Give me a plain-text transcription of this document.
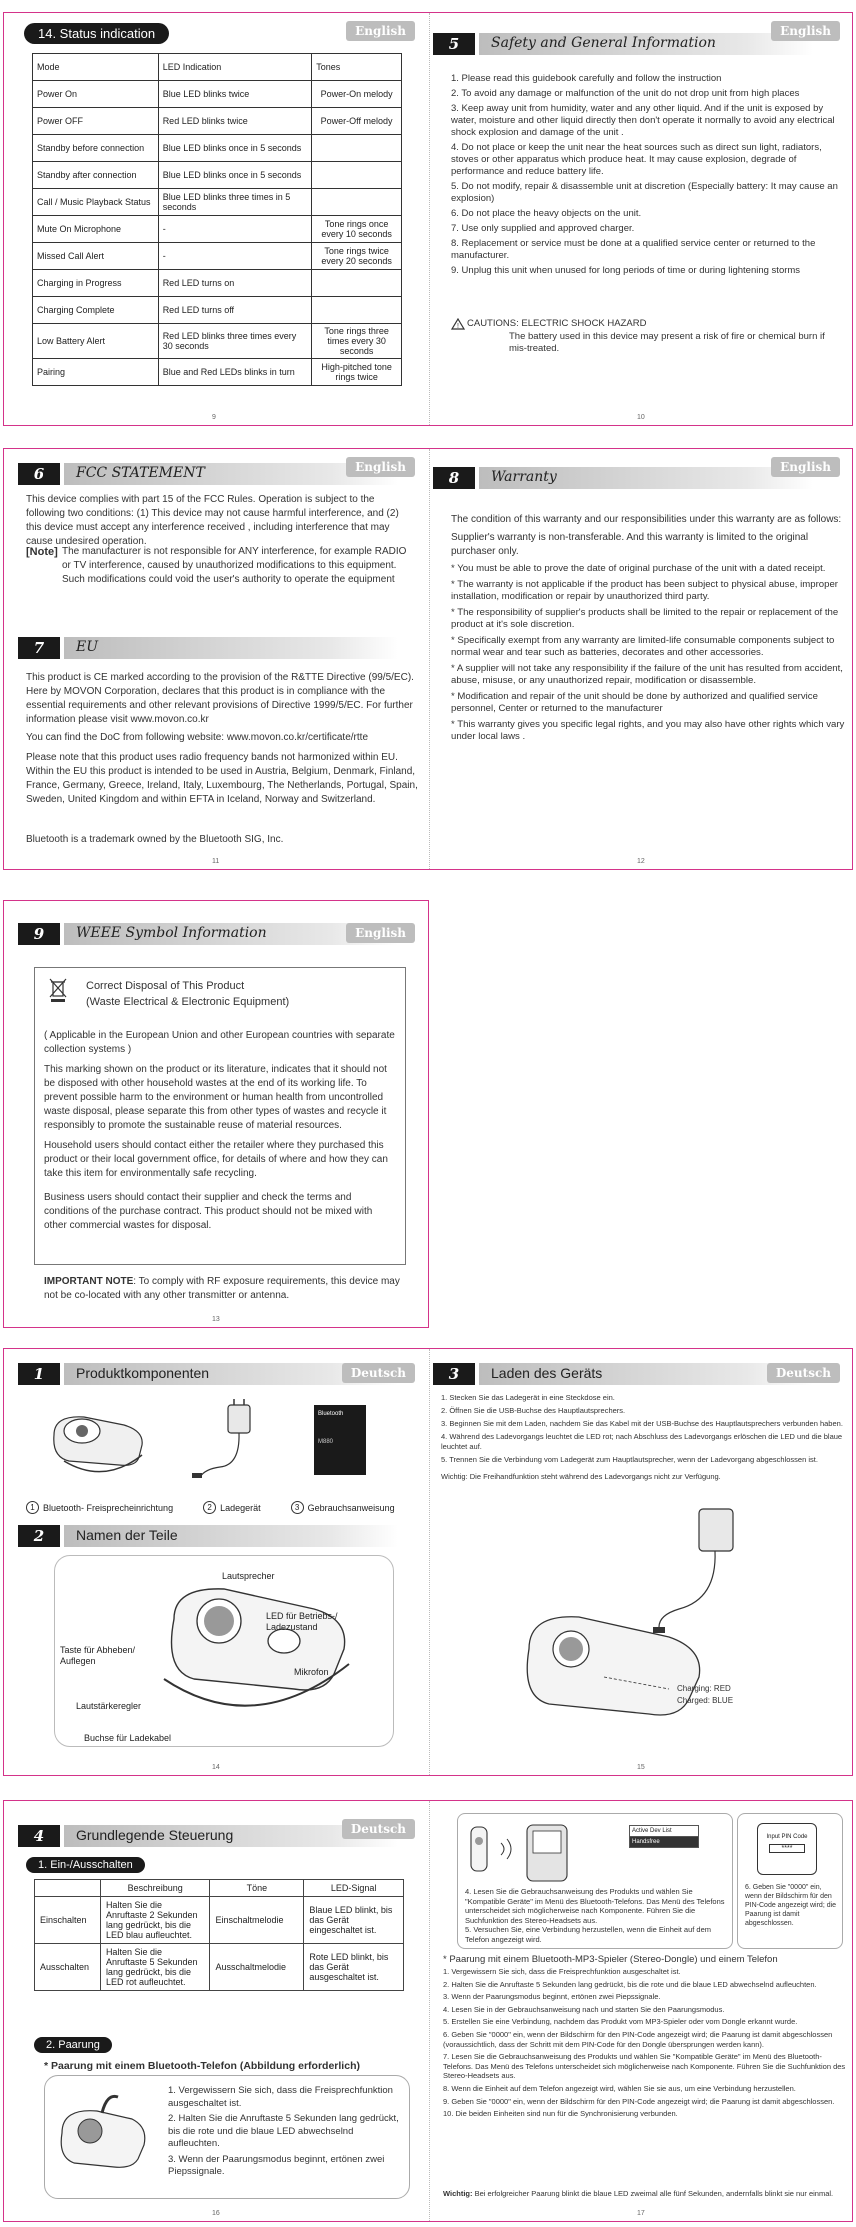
14. Status indication	English
Mode	LED Indication	Tones
Power On	Blue LED blinks twice	Power-On melody
Power OFF	Red LED blinks twice	Power-Off melody
Standby before connection	Blue LED blinks once in 5 seconds	
Standby after connection	Blue LED blinks once in 5 seconds	
Call / Music Playback Status	Blue LED blinks three times in 5 seconds	
Mute On Microphone	-	Tone rings once every 10 seconds
Missed Call Alert	-	Tone rings twice every 20 seconds
Charging in Progress	Red LED turns on	
Charging Complete	Red LED turns off	
Low Battery Alert	Red LED blinks three times every 30 seconds	Tone rings three times every 30 seconds
Pairing	Blue and Red LEDs blinks in turn	High-pitched tone rings twice
9
5	Safety and General Information
English
1. Please read this guidebook carefully and follow the instruction
2. To avoid any damage or malfunction of the unit do not drop unit from high places
3. Keep away unit from humidity, water and any other liquid. And if the unit is exposed by water, moisture and other liquid directly then don't operate it normally to avoid any electrical shock explosion and damage of the unit .
4. Do not place or keep the unit near the heat sources such as direct sun light, radiators, stoves or other apparatus which produce heat. It may cause explosion, degrade of performance and reduce battery life.
5. Do not modify, repair & disassemble unit at discretion (Especially battery: It may cause an explosion)
6. Do not place the heavy objects on the unit.
7. Use only supplied and approved charger.
8. Replacement or service must be done at a qualified service center or returned to the manufacturer.
9. Unplug this unit when unused for long periods of time or during lightening storms
! CAUTIONS: ELECTRIC SHOCK HAZARD
The battery used in this device may present a risk of fire or chemical burn if mis-treated.
10
6	FCC STATEMENT	English
This device complies with part 15 of the FCC Rules. Operation is subject to the following two conditions: (1) This device may not cause harmful interference, and (2) this device must accept any interference received , including interference that may cause undesired operation.
[Note] The manufacturer is not responsible for ANY interference, for example RADIO or TV interference, caused by unauthorized modifications to this equipment. Such modifications could void the user's authority to operate the equipment
7	EU
This product is CE marked according to the provision of the R&TTE Directive (99/5/EC). Here by MOVON Corporation, declares that this product is in compliance with the essential requirements and other relevant provisions of Directive 1999/5/EC. For further information please visit www.movon.co.kr
You can find the DoC from following website: www.movon.co.kr/certificate/rtte
Please note that this product uses radio frequency bands not harmonized within EU. Within the EU this product is intended to be used in Austria, Belgium, Denmark, Finland, France, Germany, Greece, Ireland, Italy, Luxembourg, The Netherlands, Portugal, Spain, Sweden, United Kingdom and within EFTA in Iceland, Norway and Switzerland.
Bluetooth is a trademark owned by the Bluetooth SIG, Inc.
11
8	Warranty
English
The condition of this warranty and our responsibilities under this warranty are as follows:
Supplier's warranty is non-transferable. And this warranty is limited to the original purchaser only.
* You must be able to prove the date of original purchase of the unit with a dated receipt.
* The warranty is not applicable if the product has been subject to physical abuse, improper installation, modification or repair by unauthorized third party.
* The responsibility of supplier's products shall be limited to the repair or replacement of the product at it's sole discretion.
* Specifically exempt from any warranty are limited-life consumable components subject to normal wear and tear such as batteries, decorates and other accessories.
* A supplier will not take any responsibility if the failure of the unit has resulted from accident, abuse, misuse, or any unauthorized repair, modification or disassemble.
* Modification and repair of the unit should be done by authorized and qualified service personnel, Center or returned to the manufacturer
* This warranty gives you specific legal rights, and you may also have other rights which vary under local laws .
12
9	WEEE Symbol Information	English
Correct Disposal of This Product
(Waste Electrical & Electronic Equipment)
( Applicable in the European Union and other European countries with separate collection systems )
This marking shown on the product or its literature, indicates that it should not be disposed with other household wastes at the end of its working life. To prevent possible harm to the environment or human health from uncontrolled waste disposal, please separate this from other types of wastes and recycle it responsibly to promote the sustainable reuse of material resources.
Household users should contact either the retailer where they purchased this product or their local government office, for details of where and how they can take this item for environmentally safe recycling.
Business users should contact their supplier and check the terms and conditions of the purchase contract. This product should not be mixed with other commercial wastes for disposal.
IMPORTANT NOTE: To comply with RF exposure requirements, this device may not be co-located with any other transmitter or antenna.
13
1	Produktkomponenten	Deutsch
Bluetooth
M880
1 Bluetooth- Freisprecheinrichtung	2 Ladegerät	3 Gebrauchsanweisung
2	Namen der Teile
Lautsprecher
LED für Betriebs-/ Ladezustand
Taste für Abheben/ Auflegen
Mikrofon
Lautstärkeregler
Buchse für Ladekabel
14
3	Laden des Geräts	Deutsch
1. Stecken Sie das Ladegerät in eine Steckdose ein.
2. Öffnen Sie die USB-Buchse des Hauptlautsprechers.
3. Beginnen Sie mit dem Laden, nachdem Sie das Kabel mit der USB-Buchse des Hauptlautsprechers verbunden haben.
4. Während des Ladevorgangs leuchtet die LED rot; nach Abschluss des Ladevorgangs erlöschen die LED und die blaue leuchtet auf.
5. Trennen Sie die Verbindung vom Ladegerät zum Hauptlautsprecher, wenn der Ladevorgang abgeschlossen ist.
Wichtig: Die Freihandfunktion steht während des Ladevorgangs nicht zur Verfügung.
Charging: RED
Charged: BLUE
15
4	Grundlegende Steuerung	Deutsch
1. Ein-/Ausschalten
	Beschreibung	Töne	LED-Signal
Einschalten	Halten Sie die Anruftaste 2 Sekunden lang gedrückt, bis die LED blau aufleuchtet.	Einschaltmelodie	Blaue LED blinkt, bis das Gerät eingeschaltet ist.
Ausschalten	Halten Sie die Anruftaste 5 Sekunden lang gedrückt, bis die LED rot aufleuchtet.	Ausschaltmelodie	Rote LED blinkt, bis das Gerät ausgeschaltet ist.
2. Paarung
* Paarung mit einem Bluetooth-Telefon (Abbildung erforderlich)
1. Vergewissern Sie sich, dass die Freisprechfunktion ausgeschaltet ist.
2. Halten Sie die Anruftaste 5 Sekunden lang gedrückt, bis die rote und die blaue LED abwechselnd aufleuchten.
3. Wenn der Paarungsmodus beginnt, ertönen zwei Piepssignale.
16
Active Dev List
Handsfree
4. Lesen Sie die Gebrauchsanweisung des Produkts und wählen Sie "Kompatible Geräte" im Menü des Bluetooth-Telefons. Das Menü des Telefons unterscheidet sich möglicherweise nach Komponente. Führen Sie die Suchfunktion des Stereo-Headsets aus.
5. Versuchen Sie, eine Verbindung herzustellen, wenn die Einheit auf dem Telefon angezeigt wird.
Input PIN Code
****
6. Geben Sie "0000" ein, wenn der Bildschirm für den PIN-Code angezeigt wird; die Paarung ist damit abgeschlossen.
* Paarung mit einem Bluetooth-MP3-Spieler (Stereo-Dongle) und einem Telefon
1. Vergewissern Sie sich, dass die Freisprechfunktion ausgeschaltet ist.
2. Halten Sie die Anruftaste 5 Sekunden lang gedrückt, bis die rote und die blaue LED abwechselnd aufleuchten.
3. Wenn der Paarungsmodus beginnt, ertönen zwei Piepssignale.
4. Lesen Sie in der Gebrauchsanweisung nach und starten Sie den Paarungsmodus.
5. Erstellen Sie eine Verbindung, nachdem das Produkt vom MP3-Spieler oder vom Dongle erkannt wurde.
6. Geben Sie "0000" ein, wenn der Bildschirm für den PIN-Code angezeigt wird; die Paarung ist damit abgeschlossen (voraussichtlich, dass der Schritt mit dem PIN-Code für den Dongle übersprungen werden kann).
7. Lesen Sie die Gebrauchsanweisung des Produkts und wählen Sie "Kompatible Geräte" im Menü des Bluetooth-Telefons. Das Menü des Telefons unterscheidet sich möglicherweise nach Komponente. Führen Sie die Suchfunktion des Stereo-Headsets aus.
8. Wenn die Einheit auf dem Telefon angezeigt wird, wählen Sie sie aus, um eine Verbindung herzustellen.
9. Geben Sie "0000" ein, wenn der Bildschirm für den PIN-Code angezeigt wird; die Paarung ist damit abgeschlossen.
10. Die beiden Einheiten sind nun für die Synchronisierung verbunden.
Wichtig: Bei erfolgreicher Paarung blinkt die blaue LED zweimal alle fünf Sekunden, andernfalls blinkt sie nur einmal.
17
